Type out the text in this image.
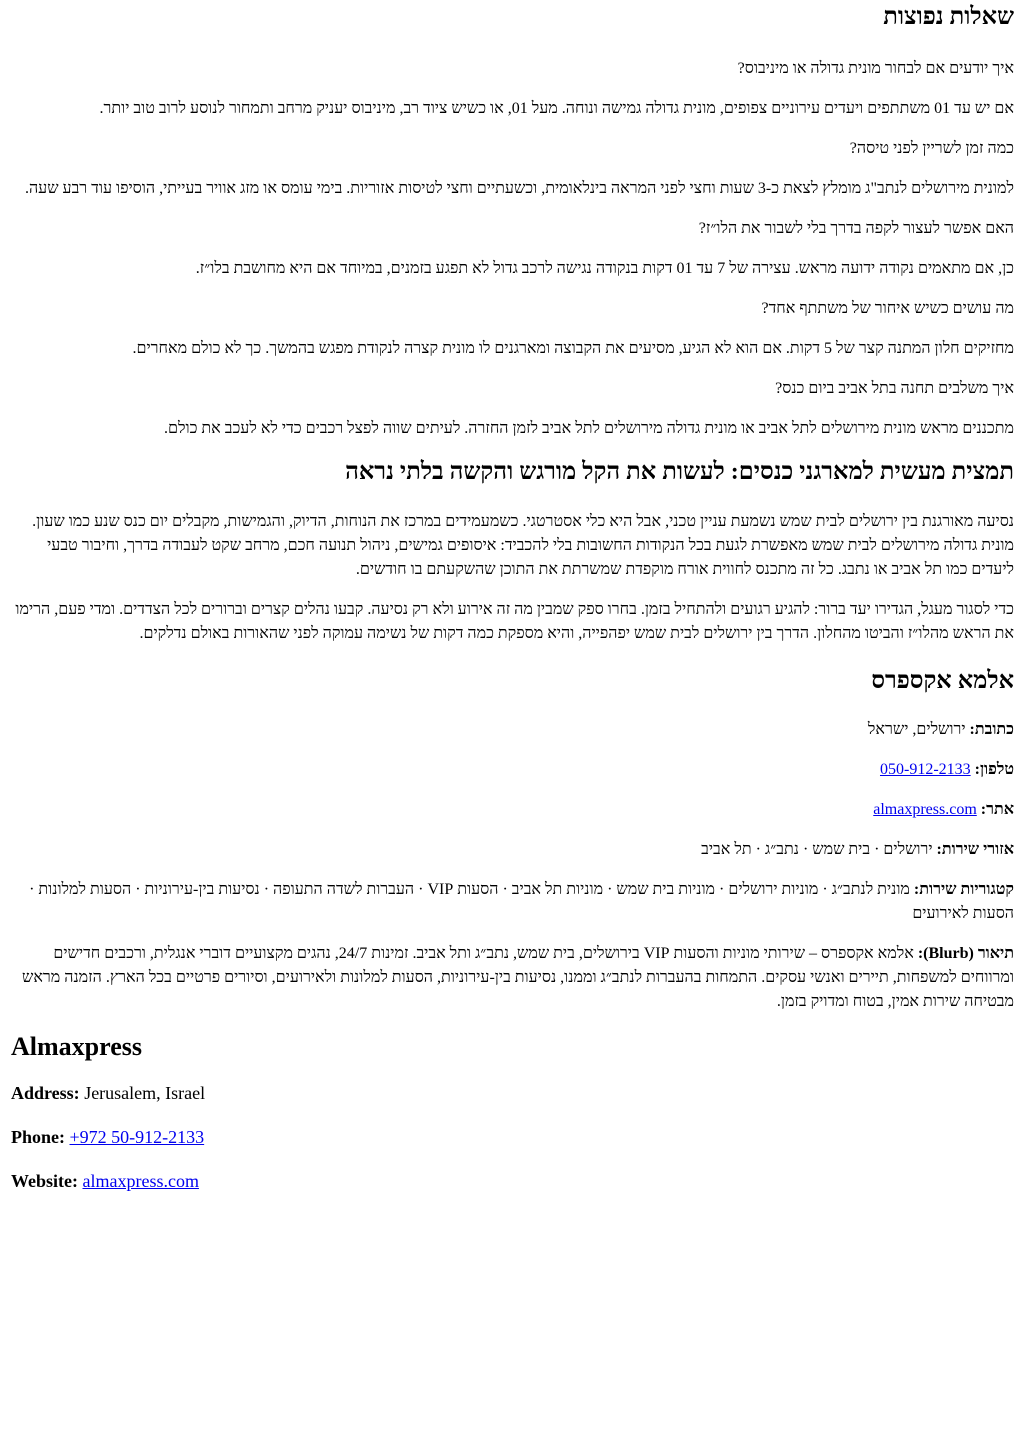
שאלות נפוצות

איך יודעים אם לבחור מונית גדולה או מיניבוס?

אם יש עד 01 משתתפים ויעדים עירוניים צפופים, מונית גדולה גמישה ונוחה. מעל 01, או כשיש ציוד רב, מיניבוס יעניק מרחב ותמחור לנוסע לרוב טוב יותר.

כמה זמן לשריין לפני טיסה?

למונית מירושלים לנתב"ג מומלץ לצאת כ-3 שעות וחצי לפני המראה בינלאומית, וכשעתיים וחצי לטיסות אזוריות. בימי עומס או מזג אוויר בעייתי, הוסיפו עוד רבע שעה.

האם אפשר לעצור לקפה בדרך בלי לשבור את הלו״ז?

כן, אם מתאמים נקודה ידועה מראש. עצירה של 7 עד 01 דקות בנקודה נגישה לרכב גדול לא תפגע בזמנים, במיוחד אם היא מחושבת בלו״ז.

מה עושים כשיש איחור של משתתף אחד?

מחזיקים חלון המתנה קצר של 5 דקות. אם הוא לא הגיע, מסיעים את הקבוצה ומארגנים לו מונית קצרה לנקודת מפגש בהמשך. כך לא כולם מאחרים.

איך משלבים תחנה בתל אביב ביום כנס?

מתכננים מראש מונית מירושלים לתל אביב או מונית גדולה מירושלים לתל אביב לזמן החזרה. לעיתים שווה לפצל רכבים כדי לא לעכב את כולם.

תמצית מעשית למארגני כנסים: לעשות את הקל מורגש והקשה בלתי נראה

נסיעה מאורגנת בין ירושלים לבית שמש נשמעת עניין טכני, אבל היא כלי אסטרטגי. כשמעמידים במרכז את הנוחות, הדיוק, והגמישות, מקבלים יום כנס שנע כמו שעון. מונית גדולה מירושלים לבית שמש מאפשרת לגעת בכל הנקודות החשובות בלי להכביד: איסופים גמישים, ניהול תנועה חכם, מרחב שקט לעבודה בדרך, וחיבור טבעי ליעדים כמו תל אביב או נתבג. כל זה מתכנס לחווית אורח מוקפדת שמשרתת את התוכן שהשקעתם בו חודשים.

כדי לסגור מעגל, הגדירו יעד ברור: להגיע רגועים ולהתחיל בזמן. בחרו ספק שמבין מה זה אירוע ולא רק נסיעה. קבעו נהלים קצרים וברורים לכל הצדדים. ומדי פעם, הרימו את הראש מהלו״ז והביטו מהחלון. הדרך בין ירושלים לבית שמש יפהפייה, והיא מספקת כמה דקות של נשימה עמוקה לפני שהאורות באולם נדלקים.

אלמא אקספרס

כתובת: ירושלים, ישראל

טלפון: 050-912-2133

אתר: almaxpress.com

אזורי שירות: ירושלים · בית שמש · נתב״ג · תל אביב

קטגוריות שירות: מונית לנתב״ג · מוניות ירושלים · מוניות בית שמש · מוניות תל אביב · הסעות VIP · העברות לשדה התעופה · נסיעות בין-עירוניות · הסעות למלונות · הסעות לאירועים

תיאור (Blurb): אלמא אקספרס – שירותי מוניות והסעות VIP בירושלים, בית שמש, נתב״ג ותל אביב. זמינות 24/7, נהגים מקצועיים דוברי אנגלית, ורכבים חדישים ומרווחים למשפחות, תיירים ואנשי עסקים. התמחות בהעברות לנתב״ג וממנו, נסיעות בין-עירוניות, הסעות למלונות ולאירועים, וסיורים פרטיים בכל הארץ. הזמנה מראש מבטיחה שירות אמין, בטוח ומדויק בזמן.

Almaxpress

Address: Jerusalem, Israel

Phone: +972 50-912-2133

Website: almaxpress.com
